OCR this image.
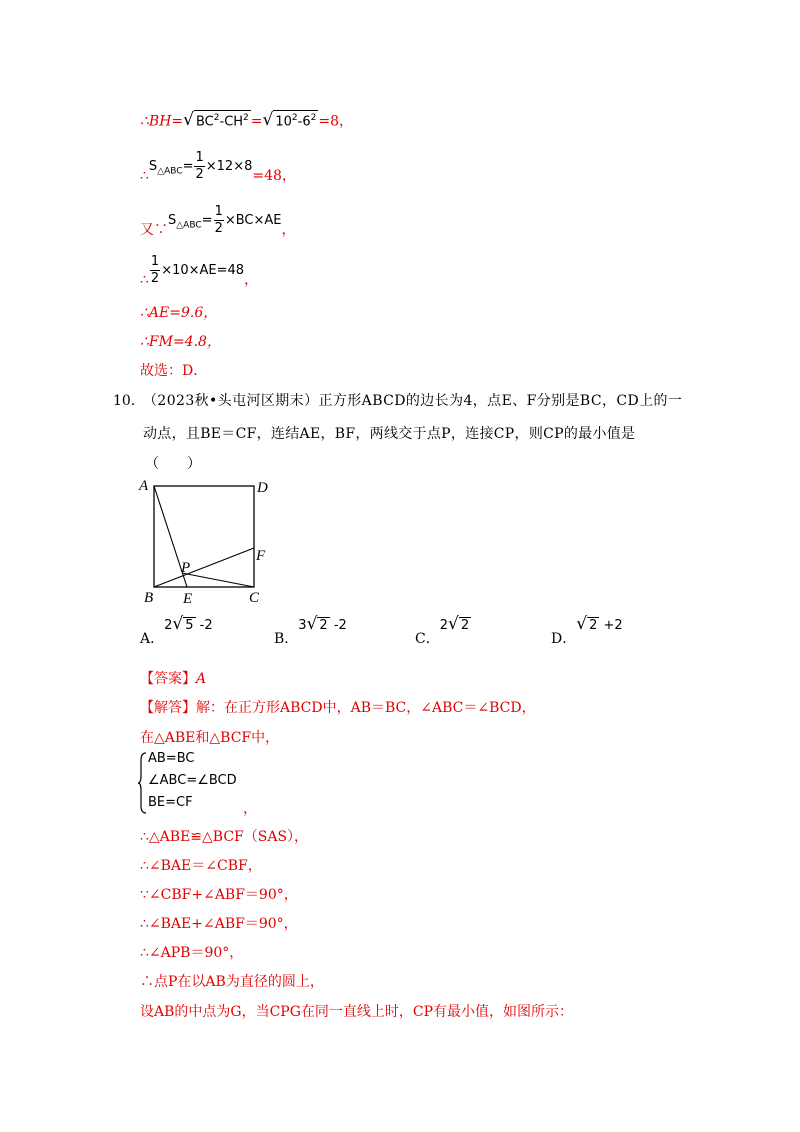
∴BH=√ $BC^2-CH^2$ =√ $10^2-6^2 =8$，
$\therefore S_{\triangle ABC}= \frac{1}{2} \times 12\times 8=48$，
又$\because S_{\triangle ABC}= \frac{1}{2} \times BC\times AE$，
∴ $\frac{1}{2} \times 10\times AE=48$，
∴AE=9.6，
∴FM=4.8，
故选：D．
10．
（2023秋•头屯河区期末）正方形ABCD的边长为4，点E、F分别是BC，CD上的一
动点，且BE＝CF，连结AE，BF，两线交于点P，连接CP，则CP的最小值是
（　　）
A	D
F
P
B E	C
A．2√ 5 -2
B．3√ 2 -2
C．2√ 2
D．√ 2 +2
【答案】A
【解答】解：在正方形ABCD中，AB＝BC，∠ABC＝∠BCD，
在△ABE和△BCF中，
AB=BC
∠ABC=∠BCD
BE=CF	，
∴△ABE≌△BCF（SAS），
∴∠BAE＝∠CBF，
∵∠CBF+∠ABF＝90°，
∴∠BAE+∠ABF＝90°，
∴∠APB＝90°，
∴点P在以AB为直径的圆上，
设AB的中点为G，当CPG在同一直线上时，CP有最小值，如图所示：
